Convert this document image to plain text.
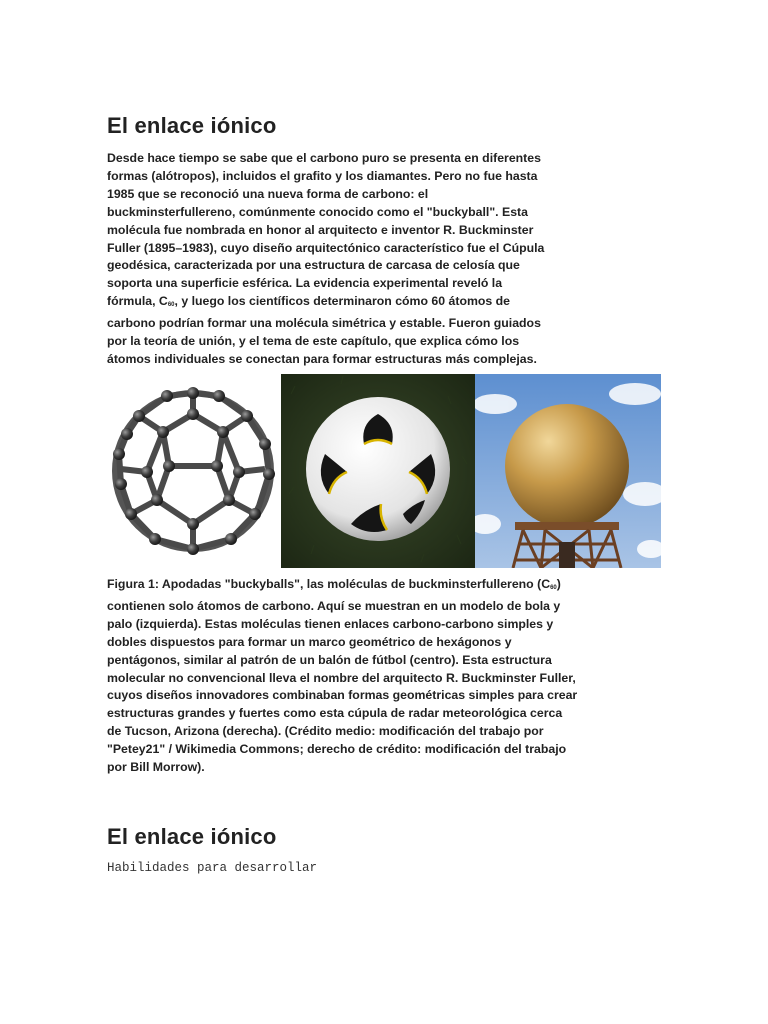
El enlace iónico
Desde hace tiempo se sabe que el carbono puro se presenta en diferentes
formas (alótropos), incluidos el grafito y los diamantes. Pero no fue hasta
1985 que se reconoció una nueva forma de carbono: el
buckminsterfullereno, comúnmente conocido como el "buckyball". Esta
molécula fue nombrada en honor al arquitecto e inventor R. Buckminster
Fuller (1895–1983), cuyo diseño arquitectónico característico fue el Cúpula
geodésica, caracterizada por una estructura de carcasa de celosía que
soporta una superficie esférica. La evidencia experimental reveló la
fórmula, $C_{60}$, y luego los científicos determinaron cómo 60 átomos de
carbono podrían formar una molécula simétrica y estable. Fueron guiados
por la teoría de unión, y el tema de este capítulo, que explica cómo los
átomos individuales se conectan para formar estructuras más complejas.
Figura 1: Apodadas "buckyballs", las moléculas de buckminsterfullereno $(C_{60})$
contienen solo átomos de carbono. Aquí se muestran en un modelo de bola y
palo (izquierda). Estas moléculas tienen enlaces carbono-carbono simples y
dobles dispuestos para formar un marco geométrico de hexágonos y
pentágonos, similar al patrón de un balón de fútbol (centro). Esta estructura
molecular no convencional lleva el nombre del arquitecto R. Buckminster Fuller,
cuyos diseños innovadores combinaban formas geométricas simples para crear
estructuras grandes y fuertes como esta cúpula de radar meteorológica cerca
de Tucson, Arizona (derecha). (Crédito medio: modificación del trabajo por
"Petey21" / Wikimedia Commons; derecho de crédito: modificación del trabajo
por Bill Morrow).
El enlace iónico
Habilidades para desarrollar
